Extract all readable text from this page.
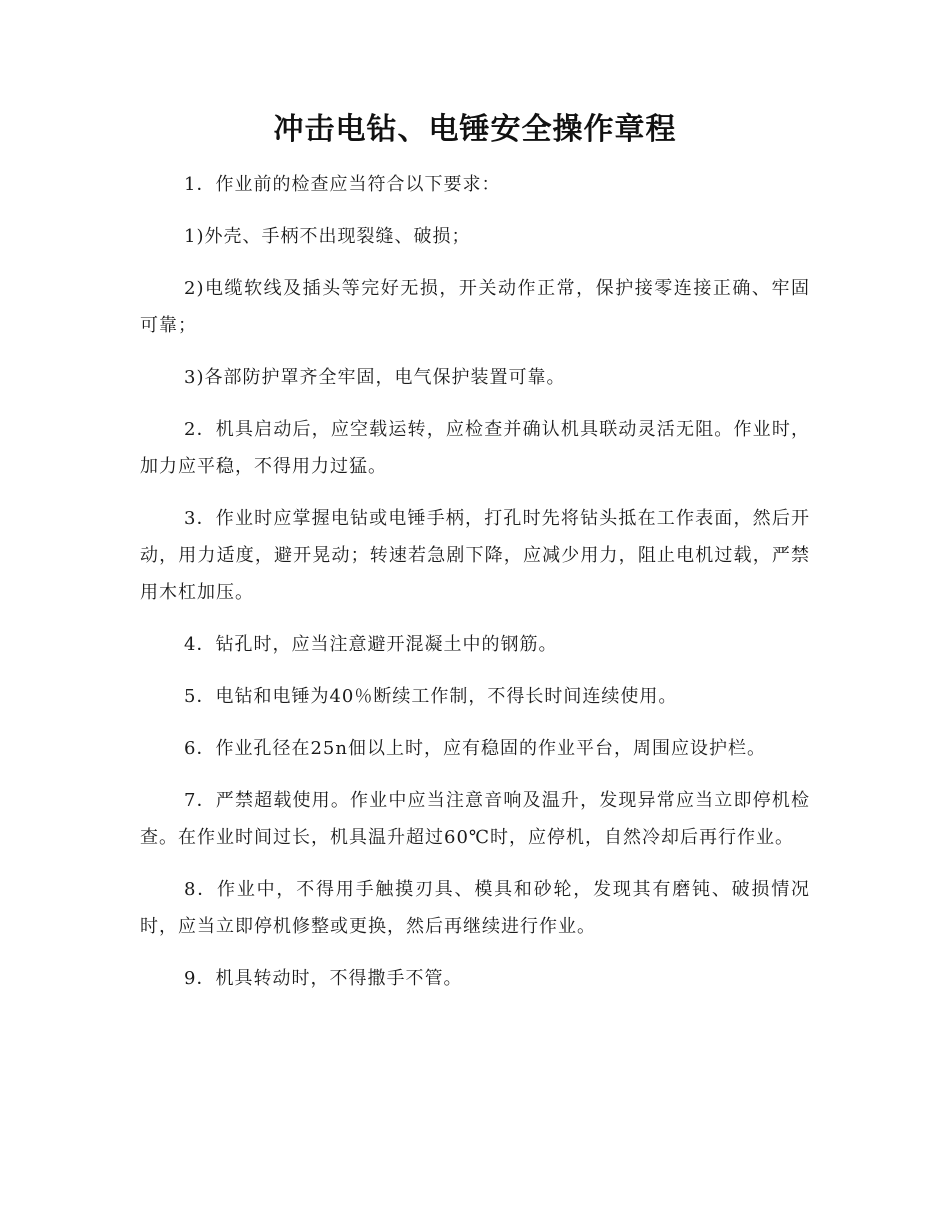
冲击电钻、电锤安全操作章程

1．作业前的检查应当符合以下要求：

1)外壳、手柄不出现裂缝、破损；

2)电缆软线及插头等完好无损，开关动作正常，保护接零连接正确、牢固可靠；

3)各部防护罩齐全牢固，电气保护装置可靠。

2．机具启动后，应空载运转，应检查并确认机具联动灵活无阻。作业时，加力应平稳，不得用力过猛。

3．作业时应掌握电钻或电锤手柄，打孔时先将钻头抵在工作表面，然后开动，用力适度，避开晃动；转速若急剧下降，应减少用力，阻止电机过载，严禁用木杠加压。

4．钻孔时，应当注意避开混凝土中的钢筋。

5．电钻和电锤为40％断续工作制，不得长时间连续使用。

6．作业孔径在25n佃以上时，应有稳固的作业平台，周围应设护栏。

7．严禁超载使用。作业中应当注意音响及温升，发现异常应当立即停机检查。在作业时间过长，机具温升超过60℃时，应停机，自然冷却后再行作业。

8．作业中，不得用手触摸刃具、模具和砂轮，发现其有磨钝、破损情况时，应当立即停机修整或更换，然后再继续进行作业。

9．机具转动时，不得撒手不管。
